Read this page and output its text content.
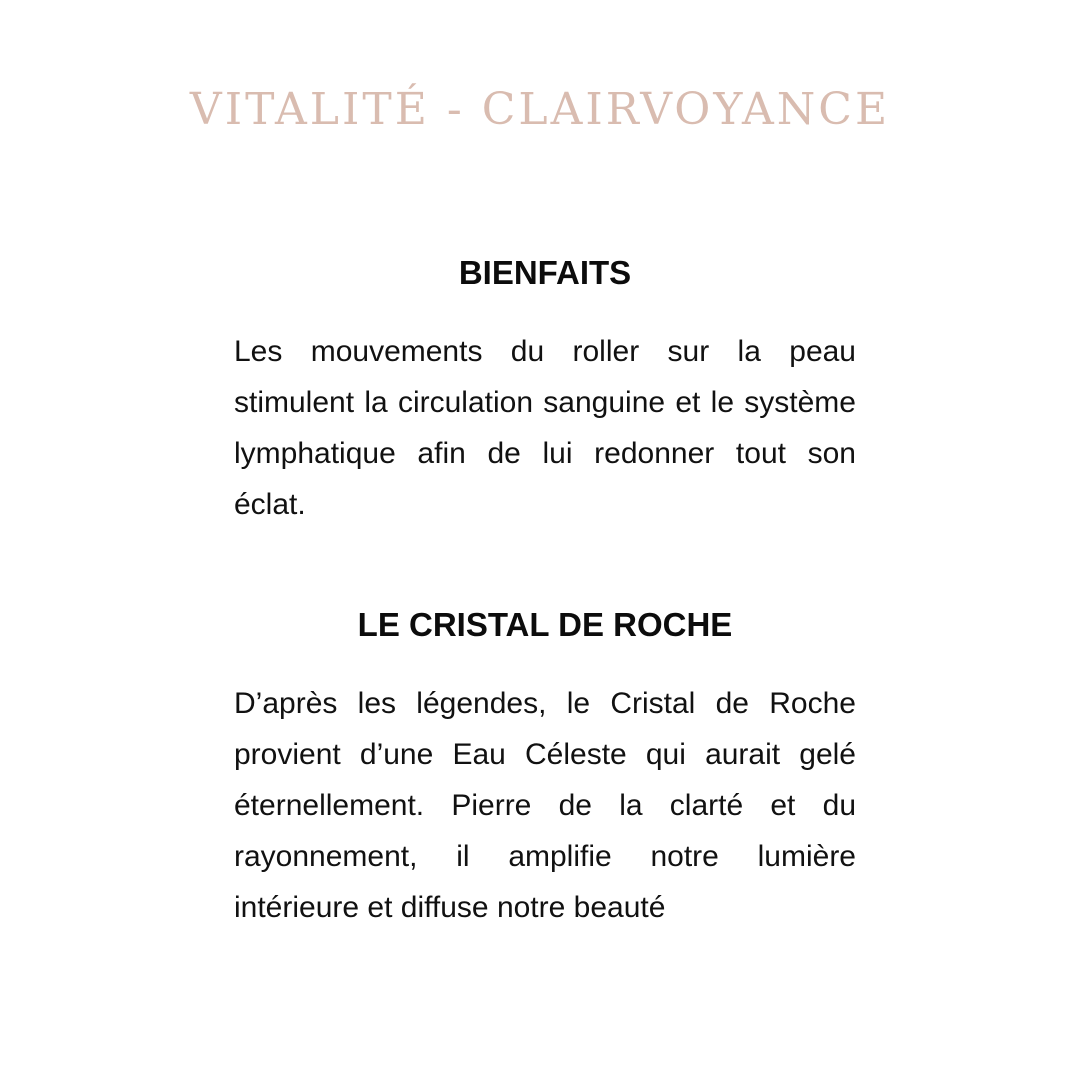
VITALITÉ - CLAIRVOYANCE
BIENFAITS

Les mouvements du roller sur la peau stimulent la circulation sanguine et le système lymphatique afin de lui redonner tout son éclat.

LE CRISTAL DE ROCHE

D’après les légendes, le Cristal de Roche provient d’une Eau Céleste qui aurait gelé éternellement. Pierre de la clarté et du rayonnement, il amplifie notre lumière intérieure et diffuse notre beauté
